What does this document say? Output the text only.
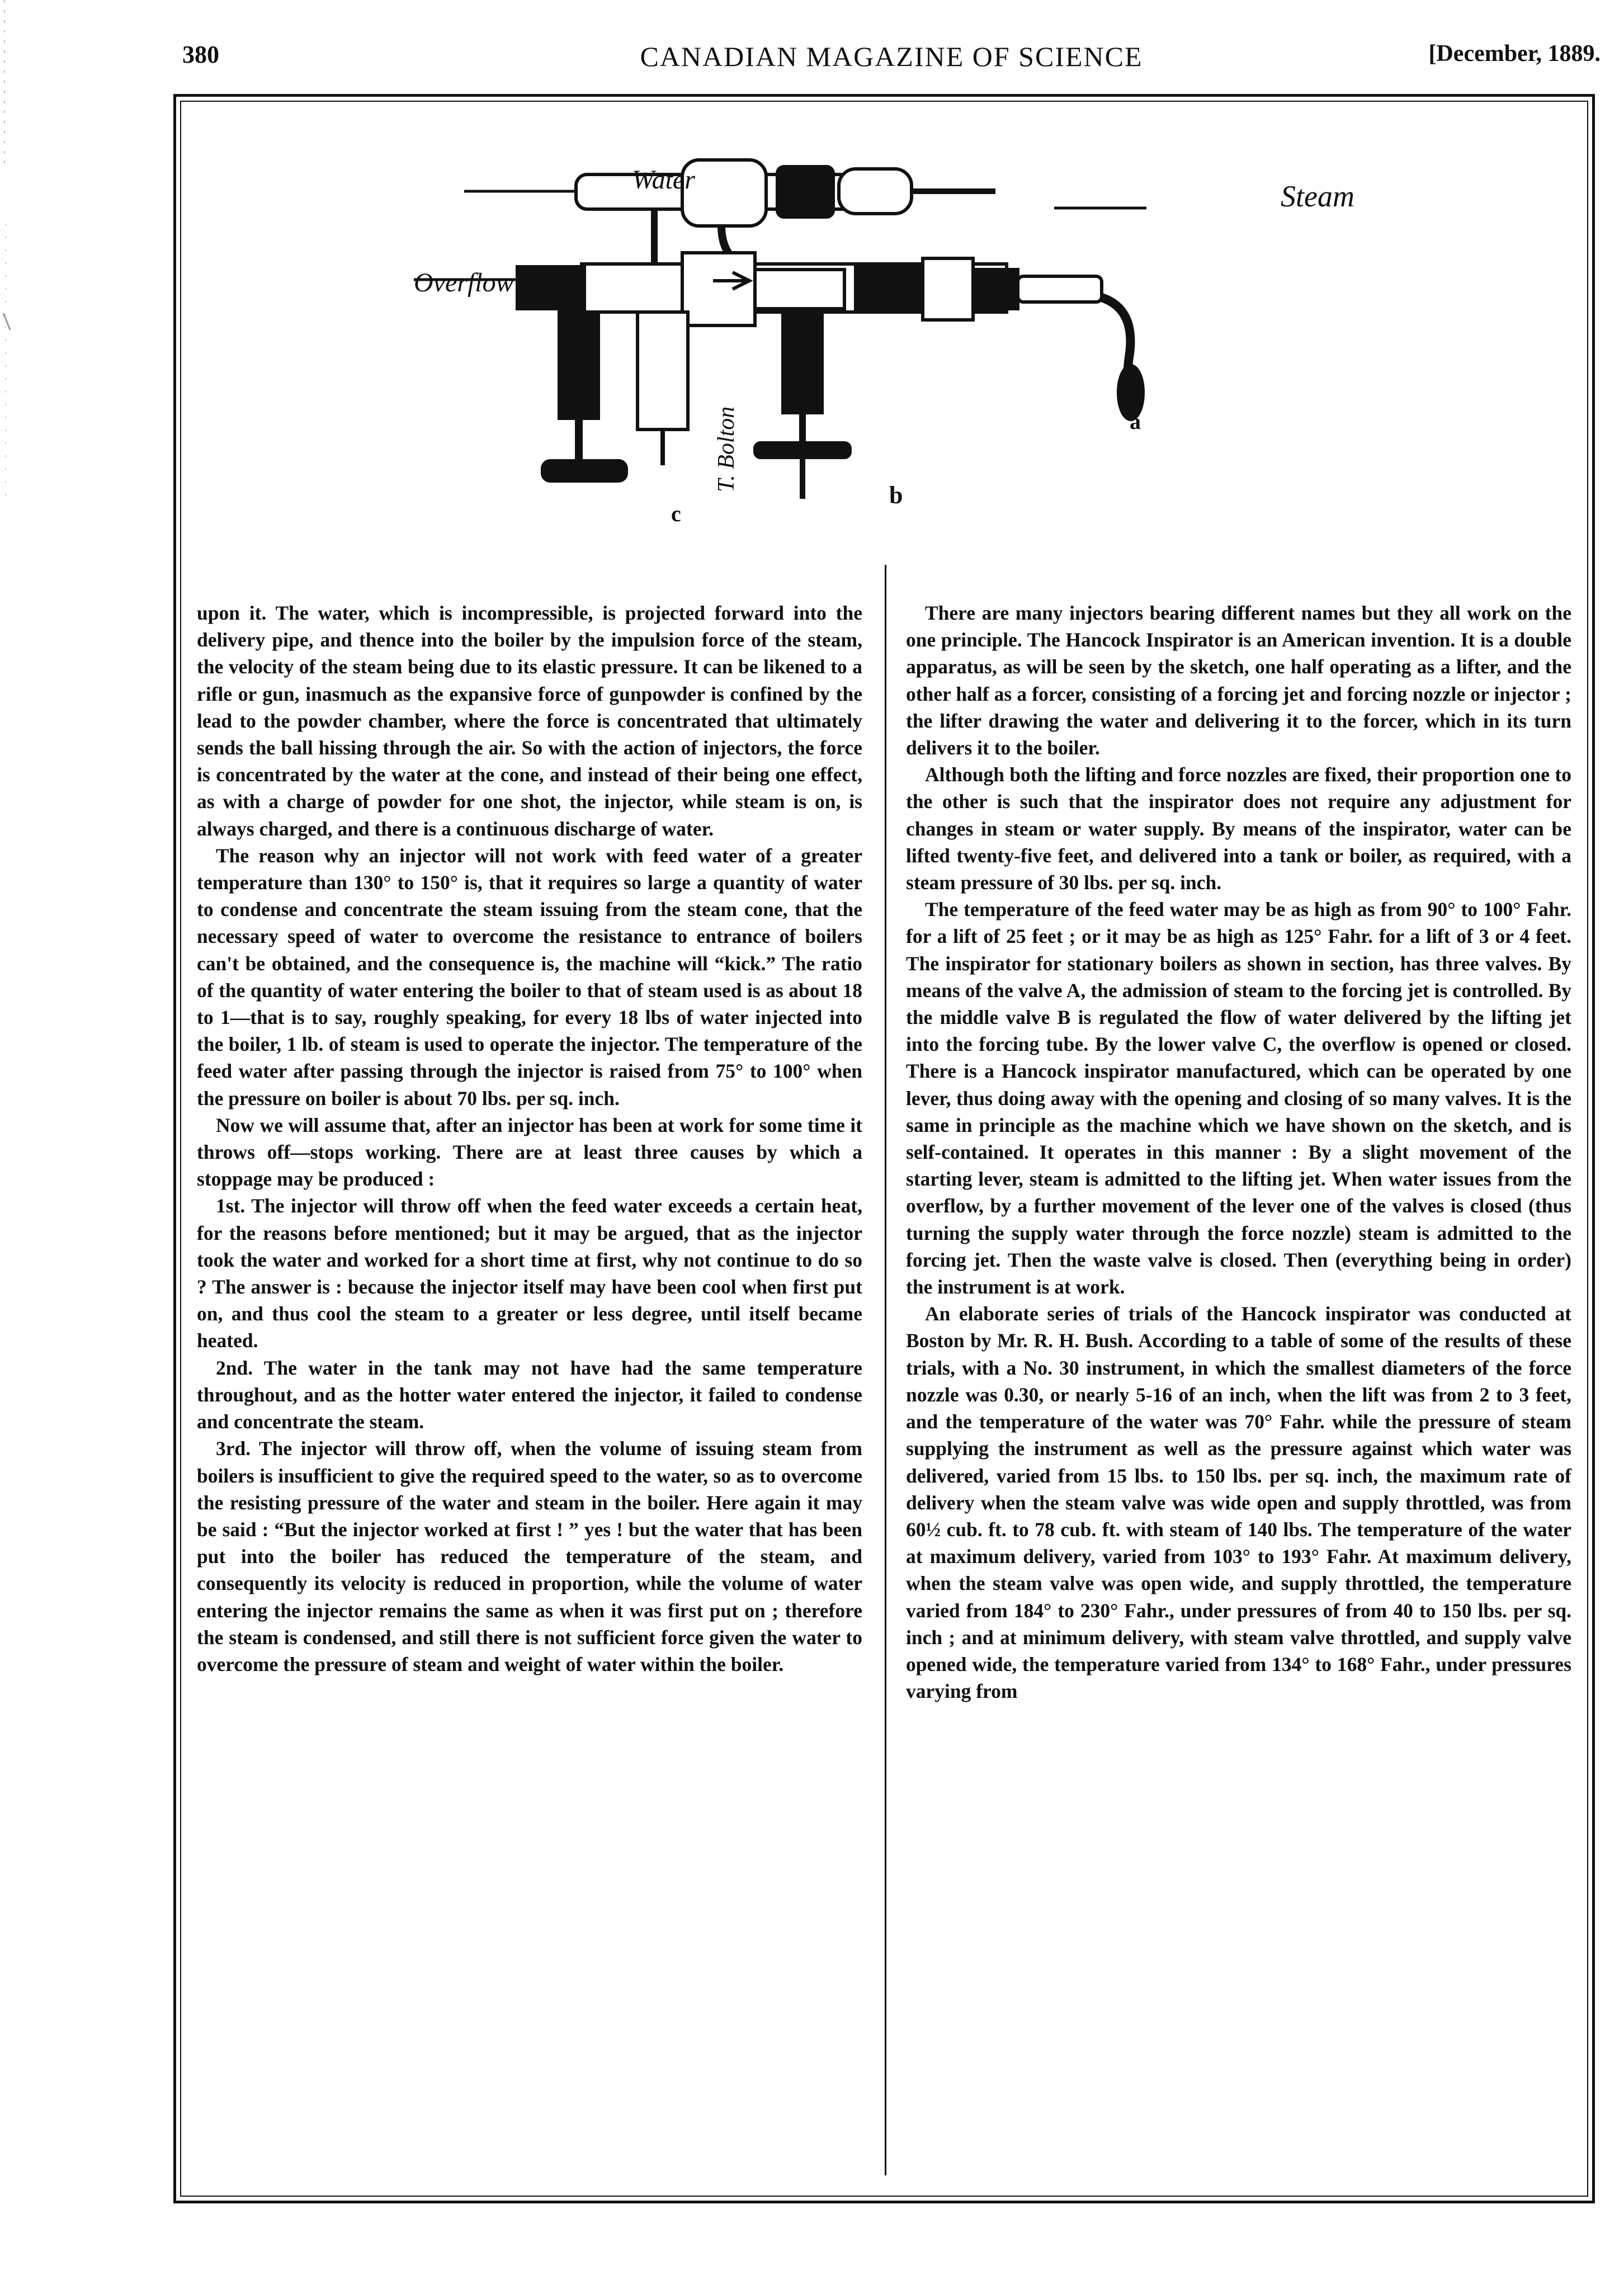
380	CANADIAN MAGAZINE OF SCIENCE	[December, 1889.
Water	Steam
Overflow
c
b
a
T. Bolton

upon it. The water, which is incompressible, is projected forward into the delivery pipe, and thence into the boiler by the impulsion force of the steam, the velocity of the steam being due to its elastic pressure. It can be likened to a rifle or gun, inasmuch as the expansive force of gunpowder is confined by the lead to the powder chamber, where the force is concentrated that ultimately sends the ball hissing through the air. So with the action of injectors, the force is concentrated by the water at the cone, and instead of their being one effect, as with a charge of powder for one shot, the injector, while steam is on, is always charged, and there is a continuous discharge of water.

The reason why an injector will not work with feed water of a greater temperature than 130° to 150° is, that it requires so large a quantity of water to condense and concentrate the steam issuing from the steam cone, that the necessary speed of water to overcome the resistance to entrance of boilers can't be obtained, and the consequence is, the machine will “kick.” The ratio of the quantity of water entering the boiler to that of steam used is as about 18 to 1—that is to say, roughly speaking, for every 18 lbs of water injected into the boiler, 1 lb. of steam is used to operate the injector. The temperature of the feed water after passing through the injector is raised from 75° to 100° when the pressure on boiler is about 70 lbs. per sq. inch.

Now we will assume that, after an injector has been at work for some time it throws off—stops working. There are at least three causes by which a stoppage may be produced :

1st. The injector will throw off when the feed water exceeds a certain heat, for the reasons before mentioned; but it may be argued, that as the injector took the water and worked for a short time at first, why not continue to do so ? The answer is : because the injector itself may have been cool when first put on, and thus cool the steam to a greater or less degree, until itself became heated.

2nd. The water in the tank may not have had the same temperature throughout, and as the hotter water entered the injector, it failed to condense and concentrate the steam.

3rd. The injector will throw off, when the volume of issuing steam from boilers is insufficient to give the required speed to the water, so as to overcome the resisting pressure of the water and steam in the boiler. Here again it may be said : “But the injector worked at first ! ” yes ! but the water that has been put into the boiler has reduced the temperature of the steam, and consequently its velocity is reduced in proportion, while the volume of water entering the injector remains the same as when it was first put on ; therefore the steam is condensed, and still there is not sufficient force given the water to overcome the pressure of steam and weight of water within the boiler.

There are many injectors bearing different names but they all work on the one principle. The Hancock Inspirator is an American invention. It is a double apparatus, as will be seen by the sketch, one half operating as a lifter, and the other half as a forcer, consisting of a forcing jet and forcing nozzle or injector ; the lifter drawing the water and delivering it to the forcer, which in its turn delivers it to the boiler.

Although both the lifting and force nozzles are fixed, their proportion one to the other is such that the inspirator does not require any adjustment for changes in steam or water supply. By means of the inspirator, water can be lifted twenty-five feet, and delivered into a tank or boiler, as required, with a steam pressure of 30 lbs. per sq. inch.

The temperature of the feed water may be as high as from 90° to 100° Fahr. for a lift of 25 feet ; or it may be as high as 125° Fahr. for a lift of 3 or 4 feet. The inspirator for stationary boilers as shown in section, has three valves. By means of the valve A, the admission of steam to the forcing jet is controlled. By the middle valve B is regulated the flow of water delivered by the lifting jet into the forcing tube. By the lower valve C, the overflow is opened or closed. There is a Hancock inspirator manufactured, which can be operated by one lever, thus doing away with the opening and closing of so many valves. It is the same in principle as the machine which we have shown on the sketch, and is self-contained. It operates in this manner : By a slight movement of the starting lever, steam is admitted to the lifting jet. When water issues from the overflow, by a further movement of the lever one of the valves is closed (thus turning the supply water through the force nozzle) steam is admitted to the forcing jet. Then the waste valve is closed. Then (everything being in order) the instrument is at work.

An elaborate series of trials of the Hancock inspirator was conducted at Boston by Mr. R. H. Bush. According to a table of some of the results of these trials, with a No. 30 instrument, in which the smallest diameters of the force nozzle was 0.30, or nearly 5-16 of an inch, when the lift was from 2 to 3 feet, and the temperature of the water was 70° Fahr. while the pressure of steam supplying the instrument as well as the pressure against which water was delivered, varied from 15 lbs. to 150 lbs. per sq. inch, the maximum rate of delivery when the steam valve was wide open and supply throttled, was from 60½ cub. ft. to 78 cub. ft. with steam of 140 lbs. The temperature of the water at maximum delivery, varied from 103° to 193° Fahr. At maximum delivery, when the steam valve was open wide, and supply throttled, the temperature varied from 184° to 230° Fahr., under pressures of from 40 to 150 lbs. per sq. inch ; and at minimum delivery, with steam valve throttled, and supply valve opened wide, the temperature varied from 134° to 168° Fahr., under pressures varying from
